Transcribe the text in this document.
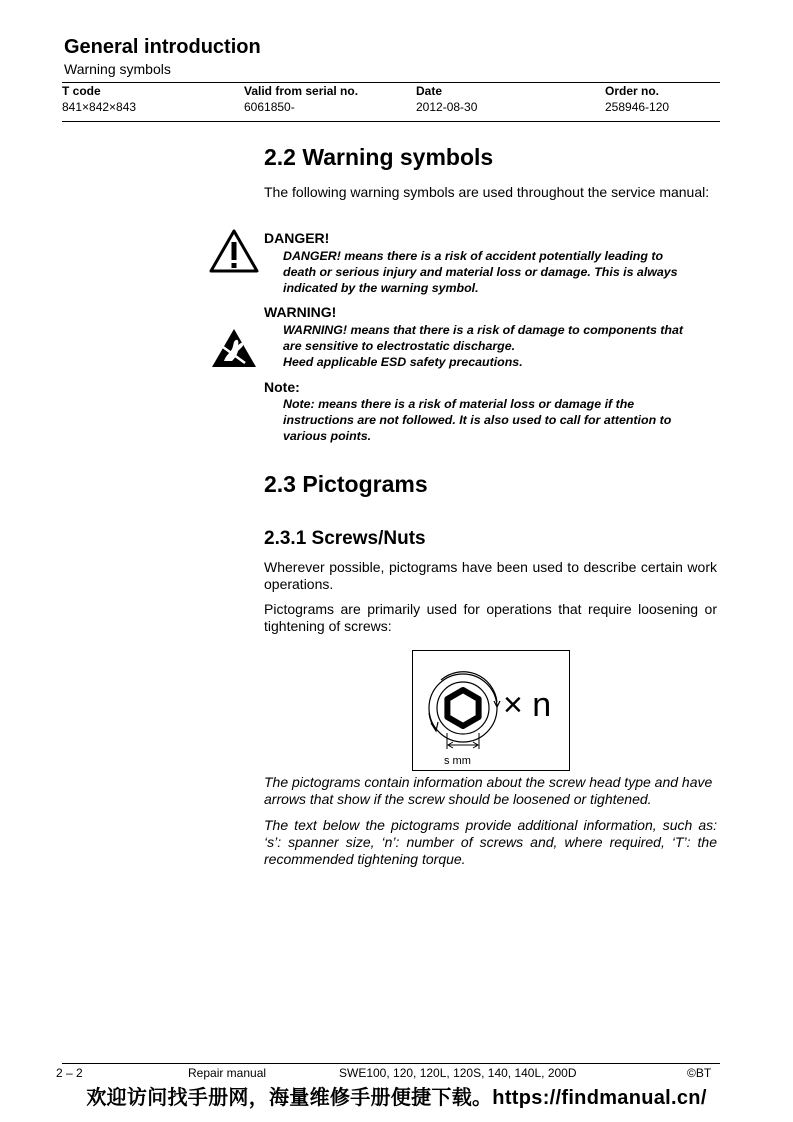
General introduction
Warning symbols
T code	Valid from serial no.	Date	Order no.
841×842×843	6061850-	2012-08-30	258946-120
2.2 Warning symbols
The following warning symbols are used throughout the service manual:
DANGER!
DANGER! means there is a risk of accident potentially leading to
death or serious injury and material loss or damage. This is always
indicated by the warning symbol.
WARNING!
WARNING! means that there is a risk of damage to components that
are sensitive to electrostatic discharge.
Heed applicable ESD safety precautions.
Note:
Note: means there is a risk of material loss or damage if the
instructions are not followed. It is also used to call for attention to
various points.
2.3 Pictograms
2.3.1 Screws/Nuts
Wherever possible, pictograms have been used to describe certain work operations.
Pictograms are primarily used for operations that require loosening or tightening of screws:
× n
s mm
The pictograms contain information about the screw head type and have arrows that show if the screw should be loosened or tightened.
The text below the pictograms provide additional information, such as: ‘s’: spanner size, ‘n’: number of screws and, where required, ‘T’: the recommended tightening torque.
2 – 2	Repair manual	SWE100, 120, 120L, 120S, 140, 140L, 200D	©BT
欢迎访问找手册网，海量维修手册便捷下载。https://findmanual.cn/
